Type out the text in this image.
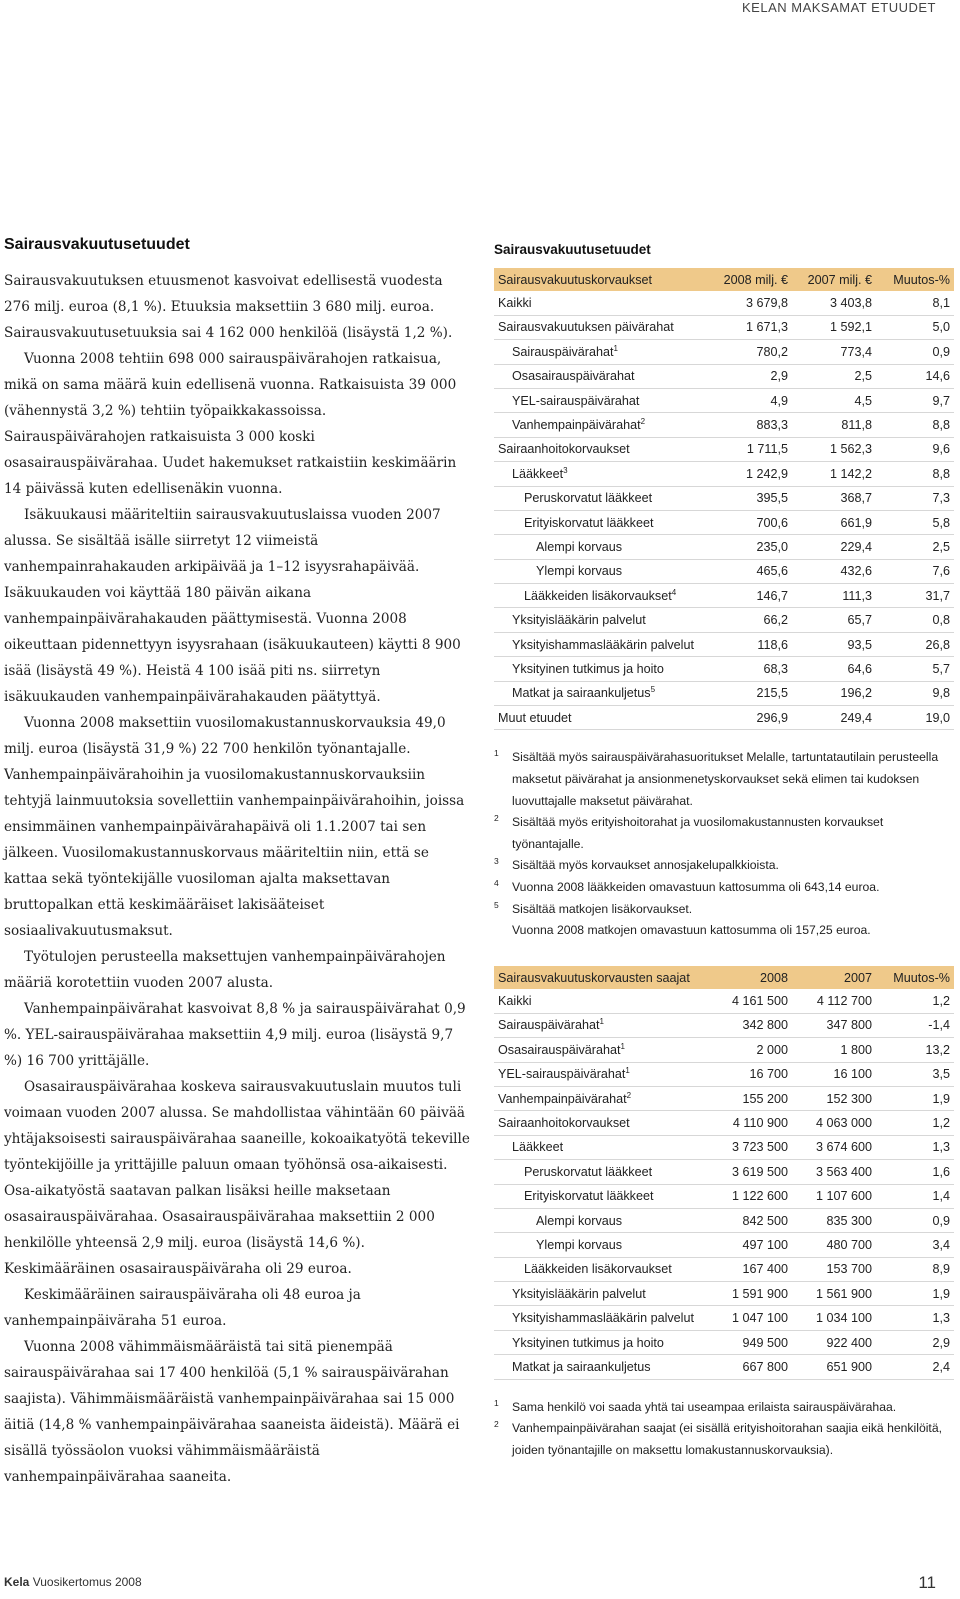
KELAN MAKSAMAT ETUUDET
Sairausvakuutusetuudet

Sairausvakuutuksen etuusmenot kasvoivat edellisestä vuodesta 276 milj. euroa (8,1 %). Etuuksia maksettiin 3 680 milj. euroa. Sairausvakuutusetuuksia sai 4 162 000 henkilöä (lisäystä 1,2 %).

Vuonna 2008 tehtiin 698 000 sairauspäivärahojen ratkaisua, mikä on sama määrä kuin edellisenä vuonna. Ratkaisuista 39 000 (vähennystä 3,2 %) tehtiin työpaikkakassoissa. Sairauspäivärahojen ratkaisuista 3 000 koski osasairauspäivärahaa. Uudet hakemukset ratkaistiin keskimäärin 14 päivässä kuten edellisenäkin vuonna.

Isäkuukausi määriteltiin sairausvakuutuslaissa vuoden 2007 alussa. Se sisältää isälle siirretyt 12 viimeistä vanhempainrahakauden arkipäivää ja 1–12 isyysrahapäivää. Isäkuukauden voi käyttää 180 päivän aikana vanhempainpäivärahakauden päättymisestä. Vuonna 2008 oikeuttaan pidennettyyn isyysrahaan (isäkuukauteen) käytti 8 900 isää (lisäystä 49 %). Heistä 4 100 isää piti ns. siirretyn isäkuukauden vanhempainpäivärahakauden päätyttyä.

Vuonna 2008 maksettiin vuosilomakustannuskorvauksia 49,0 milj. euroa (lisäystä 31,9 %) 22 700 henkilön työnantajalle. Vanhempainpäivärahoihin ja vuosilomakustannuskorvauksiin tehtyjä lainmuutoksia sovellettiin vanhempainpäivärahoihin, joissa ensimmäinen vanhempainpäivärahapäivä oli 1.1.2007 tai sen jälkeen. Vuosilomakustannuskorvaus määriteltiin niin, että se kattaa sekä työntekijälle vuosiloman ajalta maksettavan bruttopalkan että keskimääräiset lakisääteiset sosiaalivakuutusmaksut.

Työtulojen perusteella maksettujen vanhempainpäivärahojen määriä korotettiin vuoden 2007 alusta.

Vanhempainpäivärahat kasvoivat 8,8 % ja sairauspäivärahat 0,9 %. YEL-sairauspäivärahaa maksettiin 4,9 milj. euroa (lisäystä 9,7 %) 16 700 yrittäjälle.

Osasairauspäivärahaa koskeva sairausvakuutuslain muutos tuli voimaan vuoden 2007 alussa. Se mahdollistaa vähintään 60 päivää yhtäjaksoisesti sairauspäivärahaa saaneille, kokoaikatyötä tekeville työntekijöille ja yrittäjille paluun omaan työhönsä osa-aikaisesti. Osa-aikatyöstä saatavan palkan lisäksi heille maksetaan osasairauspäivärahaa. Osasairauspäivärahaa maksettiin 2 000 henkilölle yhteensä 2,9 milj. euroa (lisäystä 14,6 %). Keskimääräinen osasairauspäiväraha oli 29 euroa.

Keskimääräinen sairauspäiväraha oli 48 euroa ja vanhempainpäiväraha 51 euroa.

Vuonna 2008 vähimmäismääräistä tai sitä pienempää sairauspäivärahaa sai 17 400 henkilöä (5,1 % sairauspäivärahan saajista). Vähimmäismääräistä vanhempainpäivärahaa sai 15 000 äitiä (14,8 % vanhempainpäivärahaa saaneista äideistä). Määrä ei sisällä työssäolon vuoksi vähimmäismääräistä vanhempainpäivärahaa saaneita.

Sairausvakuutusetuudet
Sairausvakuutuskorvaukset	2008 milj. €	2007 milj. €	Muutos-%
Kaikki	3 679,8	3 403,8	8,1
Sairausvakuutuksen päivärahat	1 671,3	1 592,1	5,0
Sairauspäivärahat$^1$	780,2	773,4	0,9
Osasairauspäivärahat	2,9	2,5	14,6
YEL-sairauspäivärahat	4,9	4,5	9,7
Vanhempainpäivärahat$^2$	883,3	811,8	8,8
Sairaanhoitokorvaukset	1 711,5	1 562,3	9,6
Lääkkeet$^3$	1 242,9	1 142,2	8,8
Peruskorvatut lääkkeet	395,5	368,7	7,3
Erityiskorvatut lääkkeet	700,6	661,9	5,8
Alempi korvaus	235,0	229,4	2,5
Ylempi korvaus	465,6	432,6	7,6
Lääkkeiden lisäkorvaukset$^4$	146,7	111,3	31,7
Yksityislääkärin palvelut	66,2	65,7	0,8
Yksityishammaslääkärin palvelut	118,6	93,5	26,8
Yksityinen tutkimus ja hoito	68,3	64,6	5,7
Matkat ja sairaankuljetus$^5$	215,5	196,2	9,8
Muut etuudet	296,9	249,4	19,0
1 Sisältää myös sairauspäivärahasuoritukset Melalle, tartuntatautilain perusteella maksetut päivärahat ja ansionmenetyskorvaukset sekä elimen tai kudoksen luovuttajalle maksetut päivärahat.
2 Sisältää myös erityishoitorahat ja vuosilomakustannusten korvaukset työnantajalle.
3 Sisältää myös korvaukset annosjakelupalkkioista.
4 Vuonna 2008 lääkkeiden omavastuun kattosumma oli 643,14 euroa.
5 Sisältää matkojen lisäkorvaukset.
Vuonna 2008 matkojen omavastuun kattosumma oli 157,25 euroa.
Sairausvakuutuskorvausten saajat	2008	2007	Muutos-%
Kaikki	4 161 500	4 112 700	1,2
Sairauspäivärahat$^1$	342 800	347 800	-1,4
Osasairauspäivärahat$^1$	2 000	1 800	13,2
YEL-sairauspäivärahat$^1$	16 700	16 100	3,5
Vanhempainpäivärahat$^2$	155 200	152 300	1,9
Sairaanhoitokorvaukset	4 110 900	4 063 000	1,2
Lääkkeet	3 723 500	3 674 600	1,3
Peruskorvatut lääkkeet	3 619 500	3 563 400	1,6
Erityiskorvatut lääkkeet	1 122 600	1 107 600	1,4
Alempi korvaus	842 500	835 300	0,9
Ylempi korvaus	497 100	480 700	3,4
Lääkkeiden lisäkorvaukset	167 400	153 700	8,9
Yksityislääkärin palvelut	1 591 900	1 561 900	1,9
Yksityishammaslääkärin palvelut	1 047 100	1 034 100	1,3
Yksityinen tutkimus ja hoito	949 500	922 400	2,9
Matkat ja sairaankuljetus	667 800	651 900	2,4
1 Sama henkilö voi saada yhtä tai useampaa erilaista sairauspäivärahaa.
2 Vanhempainpäivärahan saajat (ei sisällä erityishoitorahan saajia eikä henkilöitä, joiden työnantajille on maksettu lomakustannuskorvauksia).
Kela Vuosikertomus 2008	11
